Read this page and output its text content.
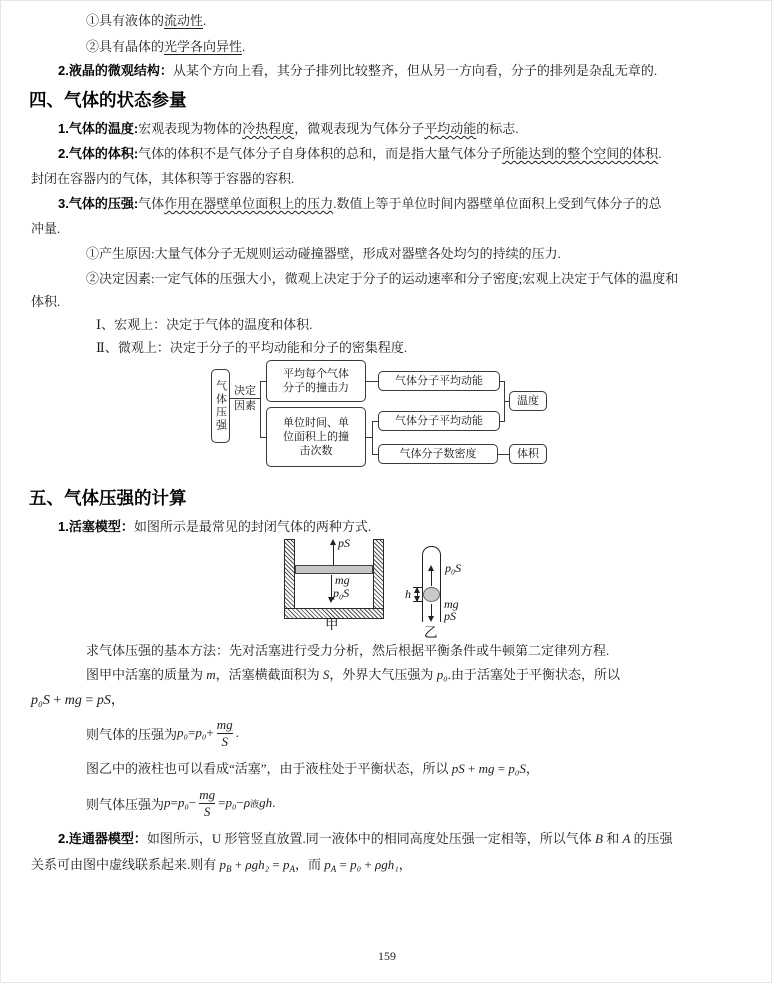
①具有液体的流动性.
②具有晶体的光学各向异性.
2.液晶的微观结构：从某个方向上看，其分子排列比较整齐，但从另一方向看，分子的排列是杂乱无章的.
四、气体的状态参量
1.气体的温度:宏观表现为物体的冷热程度，微观表现为气体分子平均动能的标志.
2.气体的体积:气体的体积不是气体分子自身体积的总和，而是指大量气体分子所能达到的整个空间的体积.
封闭在容器内的气体，其体积等于容器的容积.
3.气体的压强:气体作用在器壁单位面积上的压力.数值上等于单位时间内器壁单位面积上受到气体分子的总
冲量.
①产生原因:大量气体分子无规则运动碰撞器壁，形成对器壁各处均匀的持续的压力.
②决定因素:一定气体的压强大小，微观上决定于分子的运动速率和分子密度;宏观上决定于气体的温度和
体积.
Ⅰ、宏观上：决定于气体的温度和体积.
Ⅱ、微观上：决定于分子的平均动能和分子的密集程度.
气体压强 决定
因素
平均每个气体
分子的撞击力
单位时间、单
位面积上的撞
击次数
气体分子平均动能
气体分子平均动能
气体分子数密度
温度
体积
五、气体压强的计算
1.活塞模型：如图所示是最常见的封闭气体的两种方式.
pS
mg
p₀S
甲
p₀S
h
mg
pS
乙
求气体压强的基本方法：先对活塞进行受力分析，然后根据平衡条件或牛顿第二定律列方程.
图甲中活塞的质量为 m，活塞横截面积为 S，外界大气压强为 p₀.由于活塞处于平衡状态，所以
p₀S + mg = pS，
则气体的压强为 $p_0 = p_0 + \frac{mg}{S}$ .
图乙中的液柱也可以看成“活塞”，由于液柱处于平衡状态，所以 pS + mg = p₀S，
则气体压强为 $p = p_0 - \frac{mg}{S} = p_0 - \rho$ 液 gh .
2.连通器模型：如图所示，U 形管竖直放置.同一液体中的相同高度处压强一定相等，所以气体 B 和 A 的压强
关系可由图中虚线联系起来.则有 $p_B + \rho gh_2 = p_A$，而 $p_A = p_0 + \rho gh_1$，
159
